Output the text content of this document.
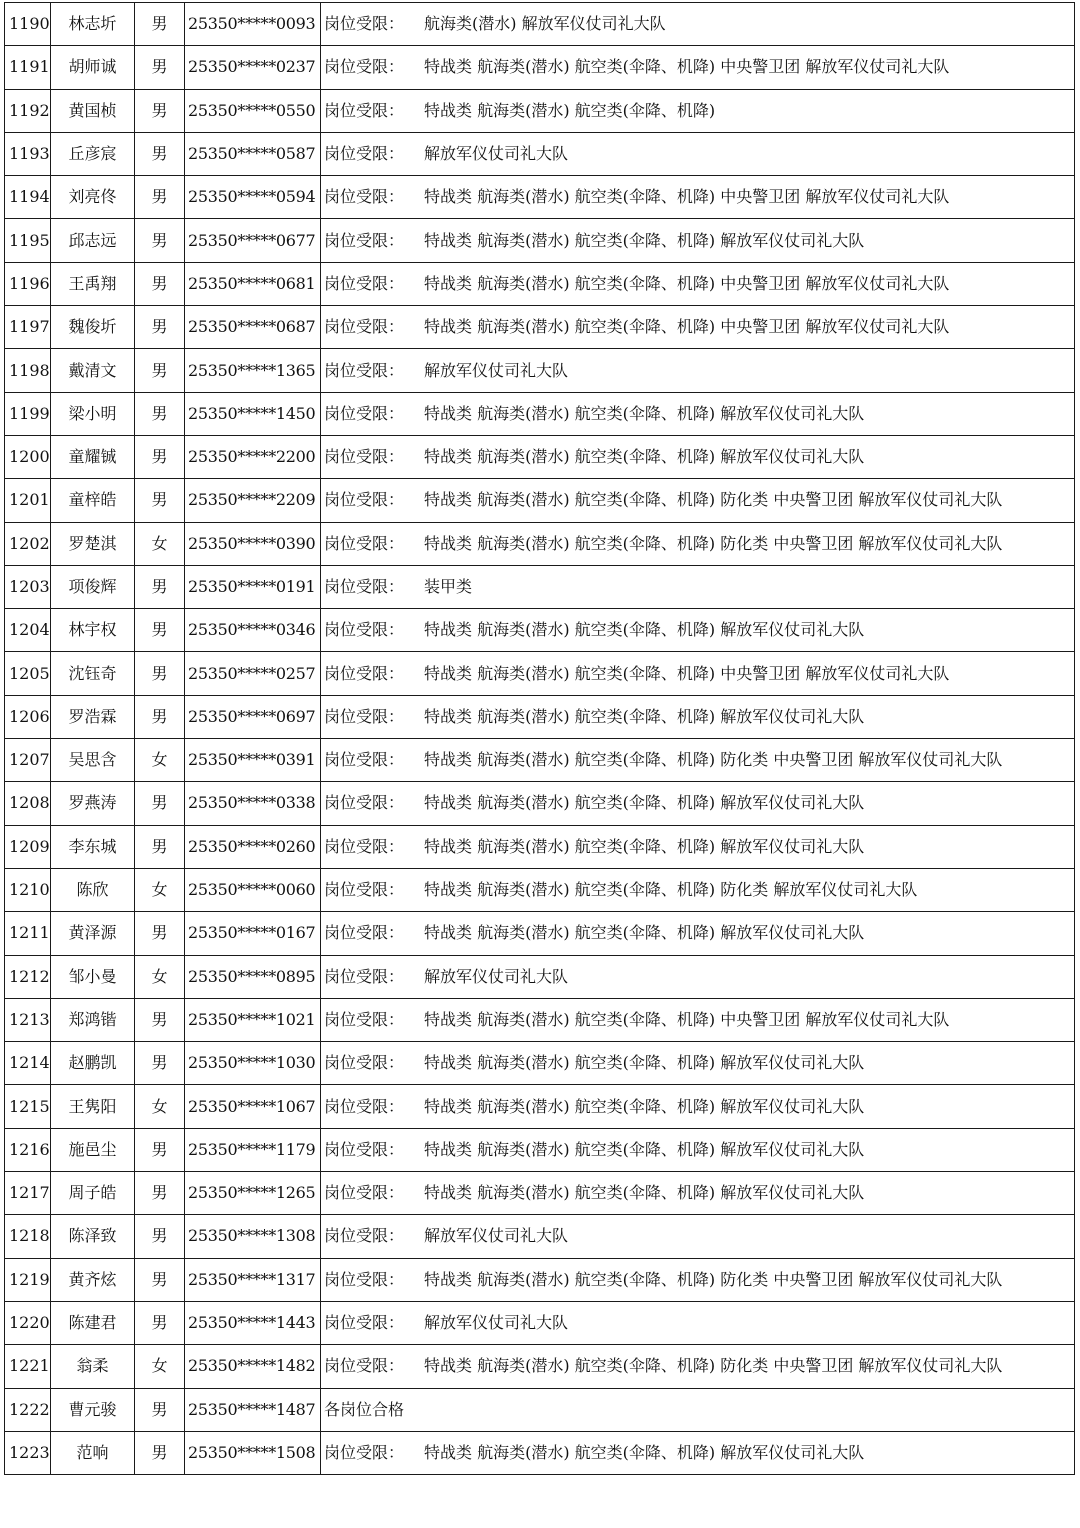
1190	林志圻	男	25350*****0093	岗位受限： 航海类(潜水) 解放军仪仗司礼大队
1191	胡师诚	男	25350*****0237	岗位受限： 特战类 航海类(潜水) 航空类(伞降、机降) 中央警卫团 解放军仪仗司礼大队
1192	黄国桢	男	25350*****0550	岗位受限： 特战类 航海类(潜水) 航空类(伞降、机降)
1193	丘彦宸	男	25350*****0587	岗位受限： 解放军仪仗司礼大队
1194	刘亮佟	男	25350*****0594	岗位受限： 特战类 航海类(潜水) 航空类(伞降、机降) 中央警卫团 解放军仪仗司礼大队
1195	邱志远	男	25350*****0677	岗位受限： 特战类 航海类(潜水) 航空类(伞降、机降) 解放军仪仗司礼大队
1196	王禹翔	男	25350*****0681	岗位受限： 特战类 航海类(潜水) 航空类(伞降、机降) 中央警卫团 解放军仪仗司礼大队
1197	魏俊圻	男	25350*****0687	岗位受限： 特战类 航海类(潜水) 航空类(伞降、机降) 中央警卫团 解放军仪仗司礼大队
1198	戴清文	男	25350*****1365	岗位受限： 解放军仪仗司礼大队
1199	梁小明	男	25350*****1450	岗位受限： 特战类 航海类(潜水) 航空类(伞降、机降) 解放军仪仗司礼大队
1200	童耀铖	男	25350*****2200	岗位受限： 特战类 航海类(潜水) 航空类(伞降、机降) 解放军仪仗司礼大队
1201	童梓皓	男	25350*****2209	岗位受限： 特战类 航海类(潜水) 航空类(伞降、机降) 防化类 中央警卫团 解放军仪仗司礼大队
1202	罗楚淇	女	25350*****0390	岗位受限： 特战类 航海类(潜水) 航空类(伞降、机降) 防化类 中央警卫团 解放军仪仗司礼大队
1203	项俊辉	男	25350*****0191	岗位受限： 装甲类
1204	林宇权	男	25350*****0346	岗位受限： 特战类 航海类(潜水) 航空类(伞降、机降) 解放军仪仗司礼大队
1205	沈钰奇	男	25350*****0257	岗位受限： 特战类 航海类(潜水) 航空类(伞降、机降) 中央警卫团 解放军仪仗司礼大队
1206	罗浩霖	男	25350*****0697	岗位受限： 特战类 航海类(潜水) 航空类(伞降、机降) 解放军仪仗司礼大队
1207	吴思含	女	25350*****0391	岗位受限： 特战类 航海类(潜水) 航空类(伞降、机降) 防化类 中央警卫团 解放军仪仗司礼大队
1208	罗燕涛	男	25350*****0338	岗位受限： 特战类 航海类(潜水) 航空类(伞降、机降) 解放军仪仗司礼大队
1209	李东城	男	25350*****0260	岗位受限： 特战类 航海类(潜水) 航空类(伞降、机降) 解放军仪仗司礼大队
1210	陈欣	女	25350*****0060	岗位受限： 特战类 航海类(潜水) 航空类(伞降、机降) 防化类 解放军仪仗司礼大队
1211	黄泽源	男	25350*****0167	岗位受限： 特战类 航海类(潜水) 航空类(伞降、机降) 解放军仪仗司礼大队
1212	邹小曼	女	25350*****0895	岗位受限： 解放军仪仗司礼大队
1213	郑鸿锴	男	25350*****1021	岗位受限： 特战类 航海类(潜水) 航空类(伞降、机降) 中央警卫团 解放军仪仗司礼大队
1214	赵鹏凯	男	25350*****1030	岗位受限： 特战类 航海类(潜水) 航空类(伞降、机降) 解放军仪仗司礼大队
1215	王隽阳	女	25350*****1067	岗位受限： 特战类 航海类(潜水) 航空类(伞降、机降) 解放军仪仗司礼大队
1216	施邑尘	男	25350*****1179	岗位受限： 特战类 航海类(潜水) 航空类(伞降、机降) 解放军仪仗司礼大队
1217	周子皓	男	25350*****1265	岗位受限： 特战类 航海类(潜水) 航空类(伞降、机降) 解放军仪仗司礼大队
1218	陈泽致	男	25350*****1308	岗位受限： 解放军仪仗司礼大队
1219	黄齐炫	男	25350*****1317	岗位受限： 特战类 航海类(潜水) 航空类(伞降、机降) 防化类 中央警卫团 解放军仪仗司礼大队
1220	陈建君	男	25350*****1443	岗位受限： 解放军仪仗司礼大队
1221	翁柔	女	25350*****1482	岗位受限： 特战类 航海类(潜水) 航空类(伞降、机降) 防化类 中央警卫团 解放军仪仗司礼大队
1222	曹元骏	男	25350*****1487	各岗位合格
1223	范响	男	25350*****1508	岗位受限： 特战类 航海类(潜水) 航空类(伞降、机降) 解放军仪仗司礼大队
